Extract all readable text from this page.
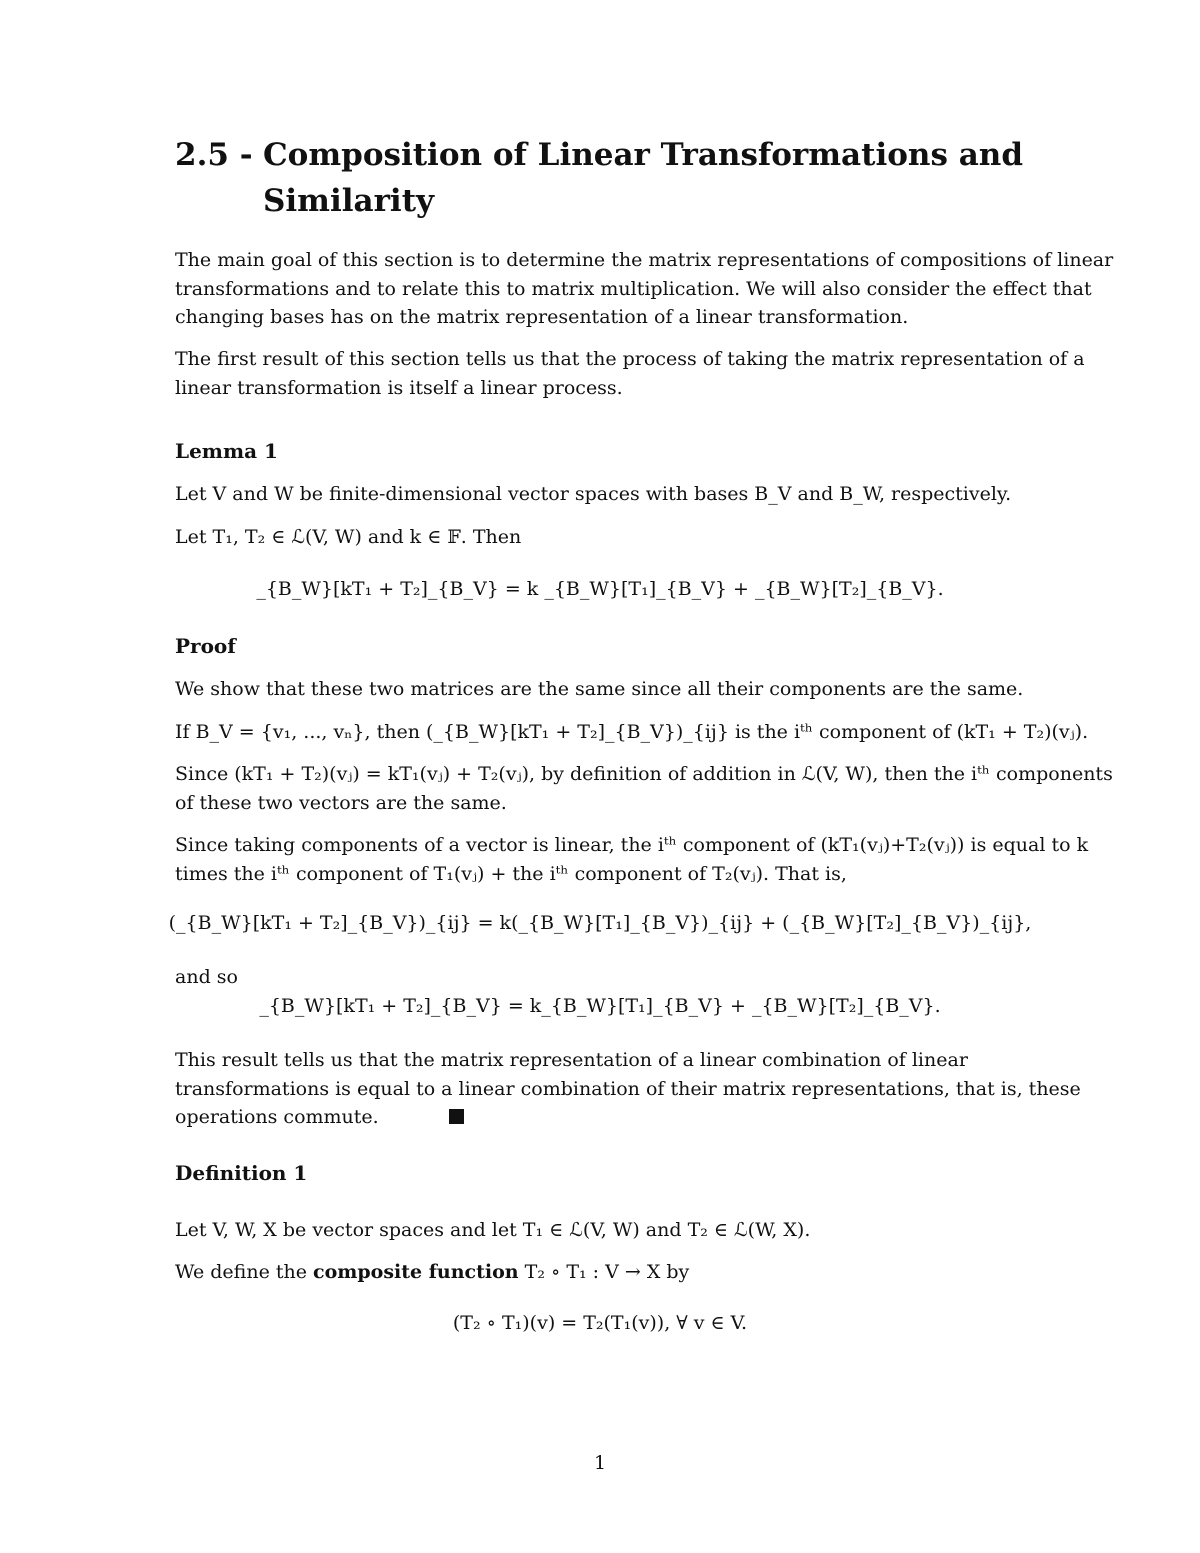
2.5 - Composition of Linear Transformations and
Similarity

The main goal of this section is to determine the matrix representations of compositions of linear transformations and to relate this to matrix multiplication. We will also consider the effect that changing bases has on the matrix representation of a linear transformation.

The first result of this section tells us that the process of taking the matrix representation of a linear transformation is itself a linear process.

Lemma 1

Let V and W be finite-dimensional vector spaces with bases B_V and B_W, respectively.

Let T₁, T₂ ∈ ℒ(V, W) and k ∈ 𝔽. Then

_{B_W}[kT₁ + T₂]_{B_V} = k _{B_W}[T₁]_{B_V} + _{B_W}[T₂]_{B_V}.
Proof

We show that these two matrices are the same since all their components are the same.

If B_V = {v₁, ..., vₙ}, then (_{B_W}[kT₁ + T₂]_{B_V})_{ij} is the iᵗʰ component of (kT₁ + T₂)(vⱼ).

Since (kT₁ + T₂)(vⱼ) = kT₁(vⱼ) + T₂(vⱼ), by definition of addition in ℒ(V, W), then the iᵗʰ components of these two vectors are the same.

Since taking components of a vector is linear, the iᵗʰ component of (kT₁(vⱼ)+T₂(vⱼ)) is equal to k times the iᵗʰ component of T₁(vⱼ) + the iᵗʰ component of T₂(vⱼ). That is,

(_{B_W}[kT₁ + T₂]_{B_V})_{ij} = k(_{B_W}[T₁]_{B_V})_{ij} + (_{B_W}[T₂]_{B_V})_{ij},

and so

_{B_W}[kT₁ + T₂]_{B_V} = k_{B_W}[T₁]_{B_V} + _{B_W}[T₂]_{B_V}.

This result tells us that the matrix representation of a linear combination of linear transformations is equal to a linear combination of their matrix representations, that is, these operations commute.

Definition 1

Let V, W, X be vector spaces and let T₁ ∈ ℒ(V, W) and T₂ ∈ ℒ(W, X).

We define the composite function T₂ ∘ T₁ : V → X by

(T₂ ∘ T₁)(v) = T₂(T₁(v)), ∀ v ∈ V.
1
